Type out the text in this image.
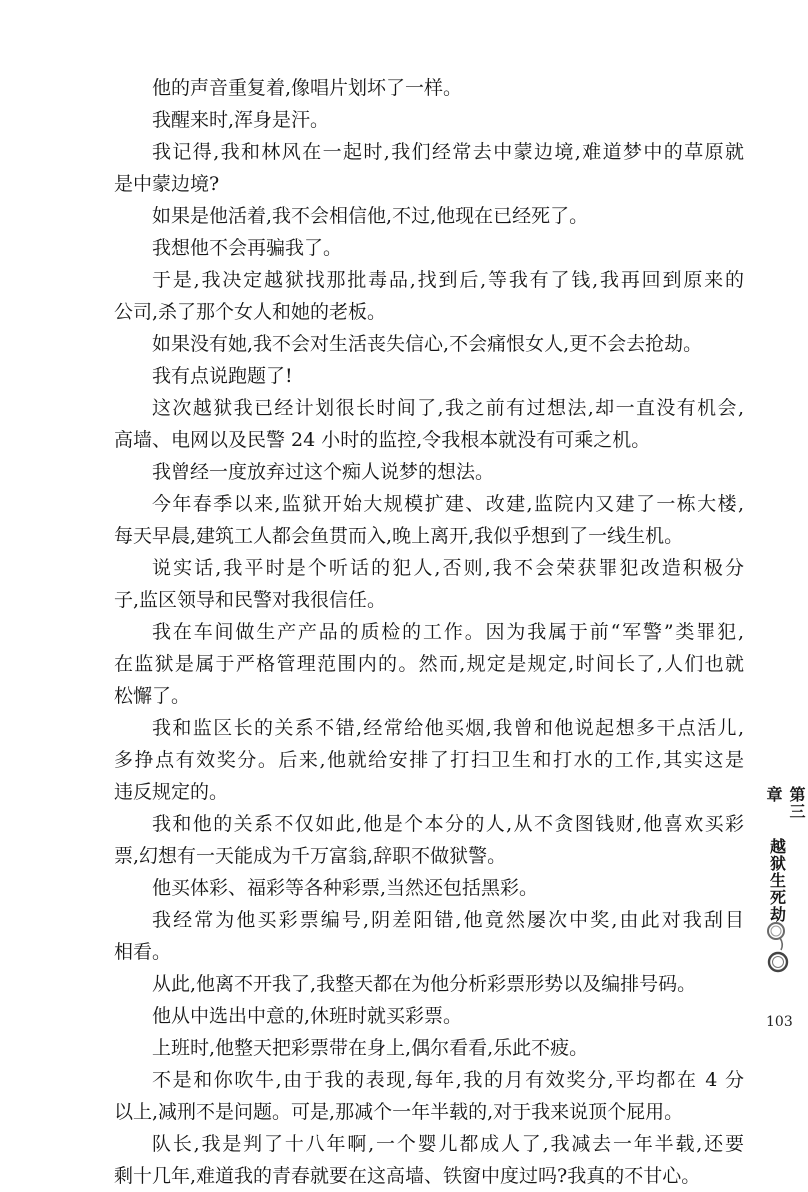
他的声音重复着,像唱片划坏了一样。
我醒来时,浑身是汗。
我记得,我和林风在一起时,我们经常去中蒙边境,难道梦中的草原就
是中蒙边境?
如果是他活着,我不会相信他,不过,他现在已经死了。
我想他不会再骗我了。
于是,我决定越狱找那批毒品,找到后,等我有了钱,我再回到原来的
公司,杀了那个女人和她的老板。
如果没有她,我不会对生活丧失信心,不会痛恨女人,更不会去抢劫。
我有点说跑题了!
这次越狱我已经计划很长时间了,我之前有过想法,却一直没有机会,
高墙、电网以及民警 24 小时的监控,令我根本就没有可乘之机。
我曾经一度放弃过这个痴人说梦的想法。
今年春季以来,监狱开始大规模扩建、改建,监院内又建了一栋大楼,
每天早晨,建筑工人都会鱼贯而入,晚上离开,我似乎想到了一线生机。
说实话,我平时是个听话的犯人,否则,我不会荣获罪犯改造积极分
子,监区领导和民警对我很信任。
我在车间做生产产品的质检的工作。因为我属于前“军警”类罪犯,
在监狱是属于严格管理范围内的。然而,规定是规定,时间长了,人们也就
松懈了。
我和监区长的关系不错,经常给他买烟,我曾和他说起想多干点活儿,
多挣点有效奖分。后来,他就给安排了打扫卫生和打水的工作,其实这是
违反规定的。
我和他的关系不仅如此,他是个本分的人,从不贪图钱财,他喜欢买彩
票,幻想有一天能成为千万富翁,辞职不做狱警。
他买体彩、福彩等各种彩票,当然还包括黑彩。
我经常为他买彩票编号,阴差阳错,他竟然屡次中奖,由此对我刮目
相看。
从此,他离不开我了,我整天都在为他分析彩票形势以及编排号码。
他从中选出中意的,休班时就买彩票。
上班时,他整天把彩票带在身上,偶尔看看,乐此不疲。
不是和你吹牛,由于我的表现,每年,我的月有效奖分,平均都在 4 分
以上,减刑不是问题。可是,那减个一年半载的,对于我来说顶个屁用。
队长,我是判了十八年啊,一个婴儿都成人了,我减去一年半载,还要
剩十几年,难道我的青春就要在这高墙、铁窗中度过吗?我真的不甘心。
第三章
越狱生死劫
103
